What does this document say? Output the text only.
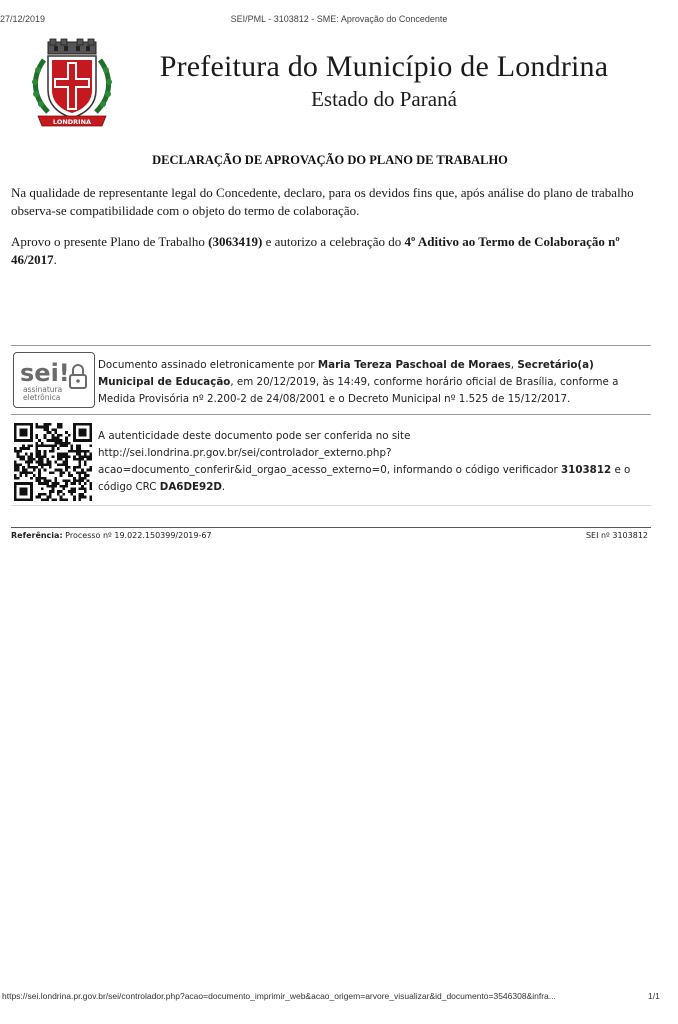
27/12/2019	SEI/PML - 3103812 - SME: Aprovação do Concedente
LONDRINA
Prefeitura do Município de Londrina
Estado do Paraná
DECLARAÇÃO DE APROVAÇÃO DO PLANO DE TRABALHO
Na qualidade de representante legal do Concedente, declaro, para os devidos fins que, após análise do plano de trabalho observa-se compatibilidade com o objeto do termo de colaboração.
Aprovo o presente Plano de Trabalho (3063419) e autorizo a celebração do 4º Aditivo ao Termo de Colaboração nº 46/2017.
sei!
assinatura
eletrônica
Documento assinado eletronicamente por Maria Tereza Paschoal de Moraes, Secretário(a) Municipal de Educação, em 20/12/2019, às 14:49, conforme horário oficial de Brasília, conforme a Medida Provisória nº 2.200-2 de 24/08/2001 e o Decreto Municipal nº 1.525 de 15/12/2017.
A autenticidade deste documento pode ser conferida no site http://sei.londrina.pr.gov.br/sei/controlador_externo.php?
acao=documento_conferir&id_orgao_acesso_externo=0, informando o código verificador 3103812 e o código CRC DA6DE92D.
Referência: Processo nº 19.022.150399/2019-67	SEI nº 3103812
https://sei.londrina.pr.gov.br/sei/controlador.php?acao=documento_imprimir_web&acao_origem=arvore_visualizar&id_documento=3546308&infra...	1/1
